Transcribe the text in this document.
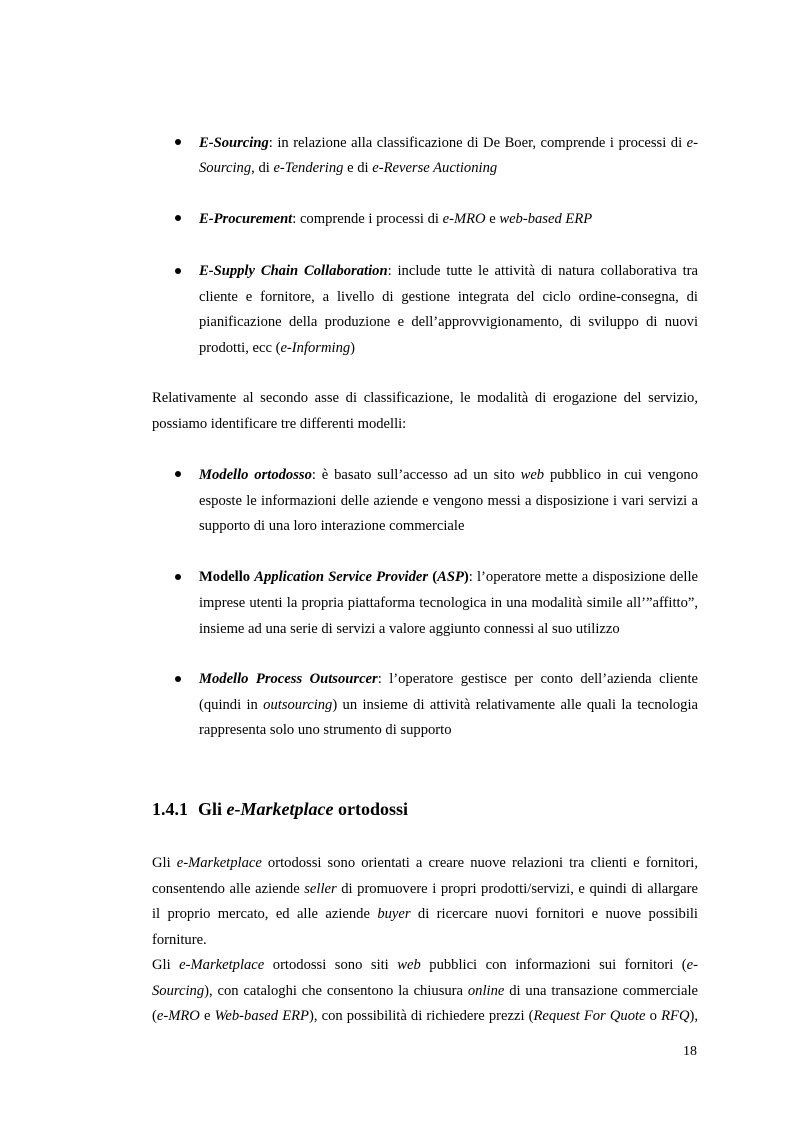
E-Sourcing: in relazione alla classificazione di De Boer, comprende i processi di e-
Sourcing, di e-Tendering e di e-Reverse Auctioning
E-Procurement: comprende i processi di e-MRO e web-based ERP
E-Supply Chain Collaboration: include tutte le attività di natura collaborativa tra
cliente e fornitore, a livello di gestione integrata del ciclo ordine-consegna, di
pianificazione della produzione e dell’approvvigionamento, di sviluppo di nuovi
prodotti, ecc (e-Informing)
Relativamente al secondo asse di classificazione, le modalità di erogazione del servizio,
possiamo identificare tre differenti modelli:
Modello ortodosso: è basato sull’accesso ad un sito web pubblico in cui vengono
esposte le informazioni delle aziende e vengono messi a disposizione i vari servizi a
supporto di una loro interazione commerciale
Modello Application Service Provider (ASP): l’operatore mette a disposizione delle
imprese utenti la propria piattaforma tecnologica in una modalità simile all’”affitto”,
insieme ad una serie di servizi a valore aggiunto connessi al suo utilizzo
Modello Process Outsourcer: l’operatore gestisce per conto dell’azienda cliente
(quindi in outsourcing) un insieme di attività relativamente alle quali la tecnologia
rappresenta solo uno strumento di supporto
1.4.1 Gli e-Marketplace ortodossi
Gli e-Marketplace ortodossi sono orientati a creare nuove relazioni tra clienti e fornitori,
consentendo alle aziende seller di promuovere i propri prodotti/servizi, e quindi di allargare
il proprio mercato, ed alle aziende buyer di ricercare nuovi fornitori e nuove possibili
forniture.
Gli e-Marketplace ortodossi sono siti web pubblici con informazioni sui fornitori (e-
Sourcing), con cataloghi che consentono la chiusura online di una transazione commerciale
(e-MRO e Web-based ERP), con possibilità di richiedere prezzi (Request For Quote o RFQ),
18
